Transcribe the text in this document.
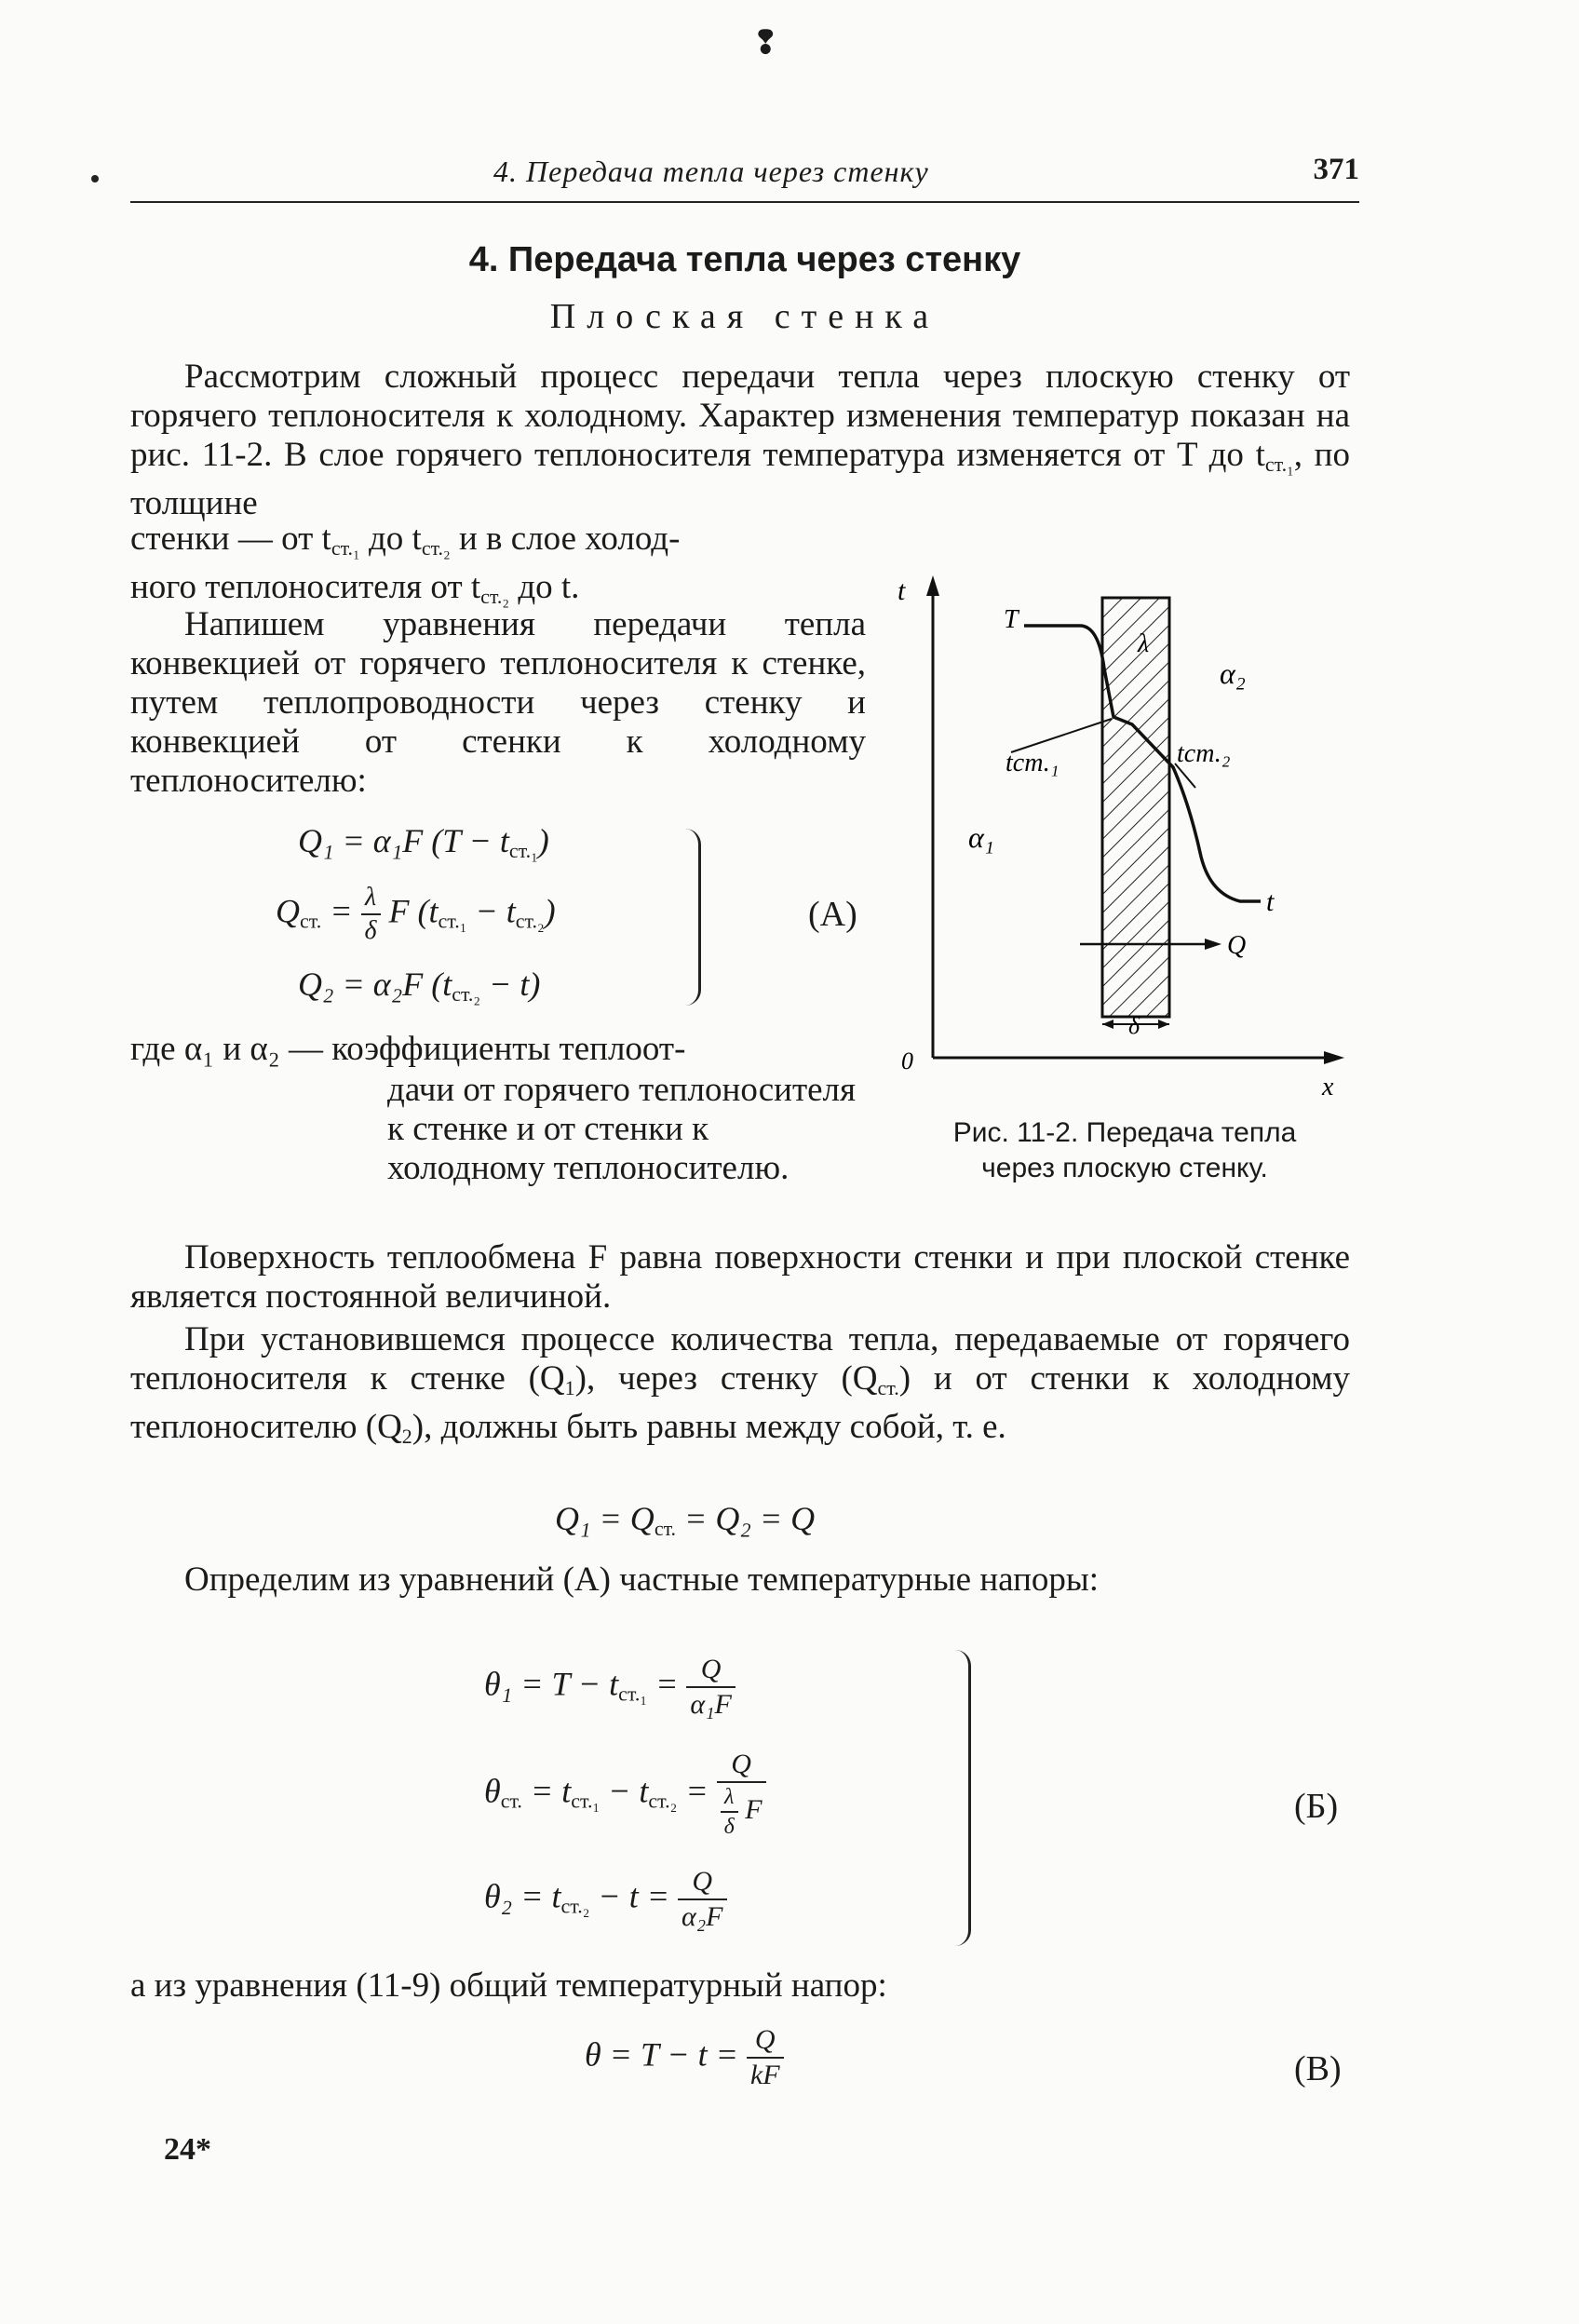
❢
4. Передача тепла через стенку	371
4. Передача тепла через стенку
Плоская стенка
Рассмотрим сложный процесс передачи тепла через плоскую стенку от горячего теплоносителя к холодному. Характер изменения температур показан на рис. 11-2. В слое горячего теплоносителя температура изменяется от T до $t_{ст._1}$, по толщине
стенки — от $t_{ст._1}$ до $t_{ст._2}$ и в слое холод-
ного теплоносителя от $t_{ст._2}$ до t.
Напишем уравнения передачи тепла конвекцией от горячего теплоносителя к стенке, путем теплопроводности через стенку и конвекцией от стенки к холодному теплоносителю:
Q₁ = α₁F $(T - t_{ст._1})$
$Q_{ст.} = \frac{\lambda}{\delta}$ F $(t_{ст._1} - t_{ст._2})$
Q₂ = α₂F $(t_{ст._2} - t)$
(А)
где α₁ и α₂ — коэффициенты теплоот-
дачи от горячего теплоносителя к стенке и от стенки к холодному теплоносителю.
t
x
0
T
λ
α₂
α₁
tст.₁	tст.₂
t
Q
δ
Рис. 11-2. Передача тепла
через плоскую стенку.
Поверхность теплообмена F равна поверхности стенки и при плоской стенке является постоянной величиной.
При установившемся процессе количества тепла, передаваемые от горячего теплоносителя к стенке $(Q_1)$, через стенку $(Q_{ст.})$ и от стенки к холодному теплоносителю $(Q_2)$, должны быть равны между собой, т. е.
$Q_1 = Q_{ст.} = Q_2 = Q$
Определим из уравнений (А) частные температурные напоры:
$\theta_1 = T - t_{ст._1} = \frac{Q}{\text{α₁F}}$
$\theta_{ст.} = t_{ст._1} - t_{ст._2} = \frac{Q}{\frac{\lambda}{\delta} F}$
$\theta_2 = t_{ст._2} - t = \frac{Q}{\text{α₂F}}$
(Б)
а из уравнения (11-9) общий температурный напор:
$\theta = T - t = \frac{Q}{kF}$	(В)
24*
